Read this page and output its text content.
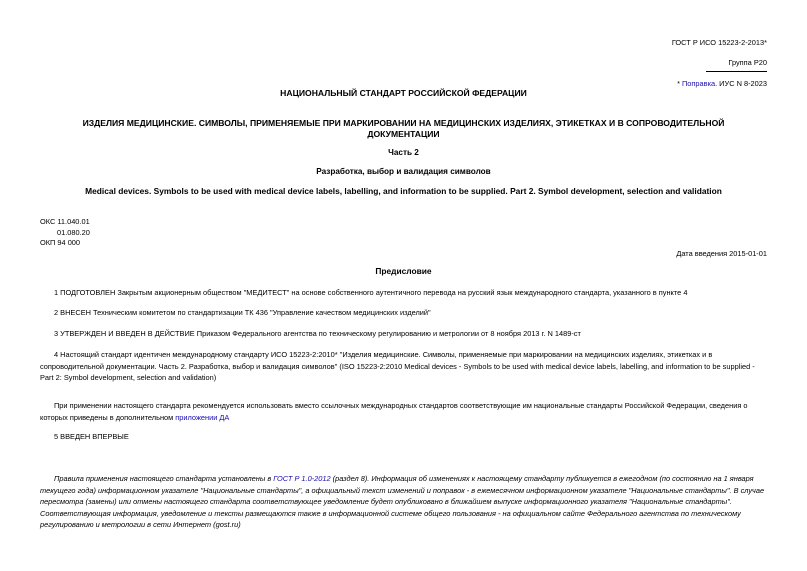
ГОСТ Р ИСО 15223-2-2013*
Группа Р20
* Поправка. ИУС N 8-2023
НАЦИОНАЛЬНЫЙ СТАНДАРТ РОССИЙСКОЙ ФЕДЕРАЦИИ
ИЗДЕЛИЯ МЕДИЦИНСКИЕ. СИМВОЛЫ, ПРИМЕНЯЕМЫЕ ПРИ МАРКИРОВАНИИ НА МЕДИЦИНСКИХ ИЗДЕЛИЯХ, ЭТИКЕТКАХ И В СОПРОВОДИТЕЛЬНОЙ ДОКУМЕНТАЦИИ
Часть 2
Разработка, выбор и валидация символов
Medical devices. Symbols to be used with medical device labels, labelling, and information to be supplied. Part 2. Symbol development, selection and validation
ОКС 11.040.01
01.080.20
ОКП 94 000
Дата введения 2015-01-01
Предисловие

1 ПОДГОТОВЛЕН Закрытым акционерным обществом "МЕДИТЕСТ" на основе собственного аутентичного перевода на русский язык международного стандарта, указанного в пункте 4

2 ВНЕСЕН Техническим комитетом по стандартизации ТК 436 "Управление качеством медицинских изделий"

3 УТВЕРЖДЕН И ВВЕДЕН В ДЕЙСТВИЕ Приказом Федерального агентства по техническому регулированию и метрологии от 8 ноября 2013 г. N 1489-ст

4 Настоящий стандарт идентичен международному стандарту ИСО 15223-2:2010* "Изделия медицинские. Символы, применяемые при маркировании на медицинских изделиях, этикетках и в сопроводительной документации. Часть 2. Разработка, выбор и валидация символов" (ISO 15223-2:2010 Medical devices - Symbols to be used with medical device labels, labelling, and information to be supplied - Part 2: Symbol development, selection and validation)

При применении настоящего стандарта рекомендуется использовать вместо ссылочных международных стандартов соответствующие им национальные стандарты Российской Федерации, сведения о которых приведены в дополнительном приложении ДА

5 ВВЕДЕН ВПЕРВЫЕ

Правила применения настоящего стандарта установлены в ГОСТ Р 1.0-2012 (раздел 8). Информация об изменениях к настоящему стандарту публикуется в ежегодном (по состоянию на 1 января текущего года) информационном указателе "Национальные стандарты", а официальный текст изменений и поправок - в ежемесячном информационном указателе "Национальные стандарты". В случае пересмотра (замены) или отмены настоящего стандарта соответствующее уведомление будет опубликовано в ближайшем выпуске информационного указателя "Национальные стандарты". Соответствующая информация, уведомление и тексты размещаются также в информационной системе общего пользования - на официальном сайте Федерального агентства по техническому регулированию и метрологии в сети Интернет (gost.ru)
